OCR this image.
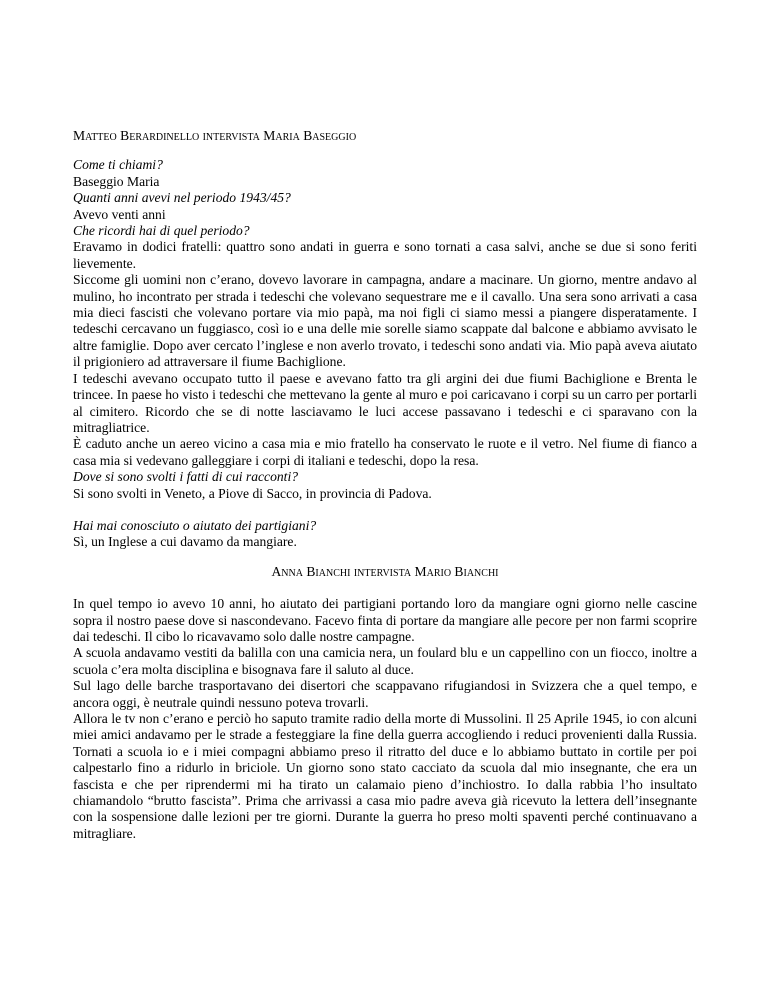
Matteo Berardinello intervista Maria Baseggio

Come ti chiami?

Baseggio Maria

Quanti anni avevi nel periodo 1943/45?

Avevo venti anni

Che ricordi hai di quel periodo?

Eravamo in dodici fratelli: quattro sono andati in guerra e sono tornati a casa salvi, anche se due si sono feriti lievemente.

Siccome gli uomini non c’erano, dovevo lavorare in campagna, andare a macinare. Un giorno, mentre andavo al mulino, ho incontrato per strada i tedeschi che volevano sequestrare me e il cavallo. Una sera sono arrivati a casa mia dieci fascisti che volevano portare via mio papà, ma noi figli ci siamo messi a piangere disperatamente. I tedeschi cercavano un fuggiasco, così io e una delle mie sorelle siamo scappate dal balcone e abbiamo avvisato le altre famiglie. Dopo aver cercato l’inglese e non averlo trovato, i tedeschi sono andati via. Mio papà aveva aiutato il prigioniero ad attraversare il fiume Bachiglione.

I tedeschi avevano occupato tutto il paese e avevano fatto tra gli argini dei due fiumi Bachiglione e Brenta le trincee. In paese ho visto i tedeschi che mettevano la gente al muro e poi caricavano i corpi su un carro per portarli al cimitero. Ricordo che se di notte lasciavamo le luci accese passavano i tedeschi e ci sparavano con la mitragliatrice.

È caduto anche un aereo vicino a casa mia e mio fratello ha conservato le ruote e il vetro. Nel fiume di fianco a casa mia si vedevano galleggiare i corpi di italiani e tedeschi, dopo la resa.

Dove si sono svolti i fatti di cui racconti?

Si sono svolti in Veneto, a Piove di Sacco, in provincia di Padova.

Hai mai conosciuto o aiutato dei partigiani?

Sì, un Inglese a cui davamo da mangiare.

Anna Bianchi intervista Mario Bianchi

In quel tempo io avevo 10 anni, ho aiutato dei partigiani portando loro da mangiare ogni giorno nelle cascine sopra il nostro paese dove si nascondevano. Facevo finta di portare da mangiare alle pecore per non farmi scoprire dai tedeschi. Il cibo lo ricavavamo solo dalle nostre campagne.

A scuola andavamo vestiti da balilla con una camicia nera, un foulard blu e un cappellino con un fiocco, inoltre a scuola c’era molta disciplina e bisognava fare il saluto al duce.

Sul lago delle barche trasportavano dei disertori che scappavano rifugiandosi in Svizzera che a quel tempo, e ancora oggi, è neutrale quindi nessuno poteva trovarli.

Allora le tv non c’erano e perciò ho saputo tramite radio della morte di Mussolini. Il 25 Aprile 1945, io con alcuni miei amici andavamo per le strade a festeggiare la fine della guerra accogliendo i reduci provenienti dalla Russia. Tornati a scuola io e i miei compagni abbiamo preso il ritratto del duce e lo abbiamo buttato in cortile per poi calpestarlo fino a ridurlo in briciole. Un giorno sono stato cacciato da scuola dal mio insegnante, che era un fascista e che per riprendermi mi ha tirato un calamaio pieno d’inchiostro. Io dalla rabbia l’ho insultato chiamandolo “brutto fascista”. Prima che arrivassi a casa mio padre aveva già ricevuto la lettera dell’insegnante con la sospensione dalle lezioni per tre giorni. Durante la guerra ho preso molti spaventi perché continuavano a mitragliare.
